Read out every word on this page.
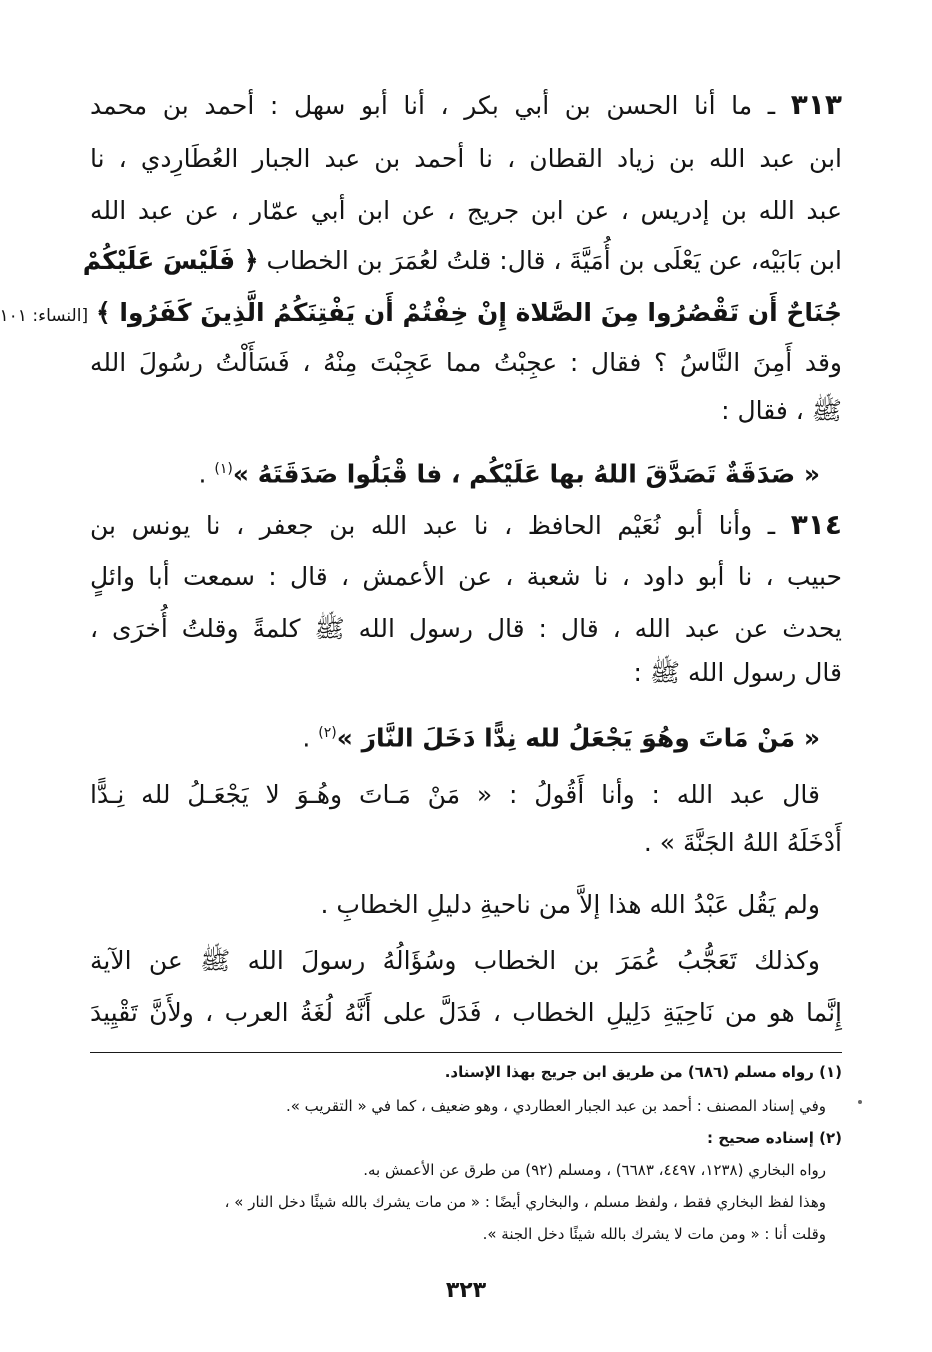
٣١٣ ـ ما أنا الحسن بن أبي بكر ، أنا أبو سهل : أحمد بن محمد
ابن عبد الله بن زياد القطان ، نا أحمد بن عبد الجبار العُطَارِدي ، نا
عبد الله بن إدريس ، عن ابن جريج ، عن ابن أبي عمّار ، عن عبد الله
ابن بَابَيْه، عن يَعْلَى بن أُمَيَّةَ ، قال: قلتُ لعُمَرَ بن الخطاب ﴿ فَلَيْسَ عَلَيْكُمْ
جُنَاحٌ أَن تَقْصُرُوا مِنَ الصَّلاة إِنْ خِفْتُمْ أَن يَفْتِنَكُمُ الَّذِينَ كَفَرُوا ﴾ [النساء: ١٠١
وقد أَمِنَ النَّاسُ ؟ فقال : عجِبْتُ مما عَجِبْتَ مِنْهُ ، فَسَأَلْتُ رسُولَ الله
ﷺ ، فقال :
« صَدَقَةٌ تَصَدَّقَ اللهُ بها عَلَيْكُم ، فا قْبَلُوا صَدَقَتَهُ »$^{(١)}$ .
٣١٤ ـ وأنا أبو نُعَيْم الحافظ ، نا عبد الله بن جعفر ، نا يونس بن
حبيب ، نا أبو داود ، نا شعبة ، عن الأعمش ، قال : سمعت أبا وائلٍ
يحدث عن عبد الله ، قال : قال رسول الله ﷺ كلمةً وقلتُ أُخرَى ،
قال رسول الله ﷺ :
« مَنْ مَاتَ وهُوَ يَجْعَلُ لله نِدًّا دَخَلَ النَّارَ »$^{(٢)}$ .
قال عبد الله : وأنا أَقُولُ : « مَنْ مَـاتَ وهُـوَ لا يَجْعَـلُ لله نِـدًّا
أَدْخَلَهُ اللهُ الجَنَّةَ » .
ولم يَقُل عَبْدُ الله هذا إلاَّ من ناحيةِ دليلِ الخطابِ .
وكذلك تَعَجُّبُ عُمَرَ بن الخطاب وسُؤَالُهُ رسولَ الله ﷺ عن الآية
إِنَّما هو من نَاحِيَةِ دَلِيلِ الخطاب ، فَدَلَّ على أَنَّهُ لُغَةُ العرب ، ولأَنَّ تَقْيِيدَ
(١) رواه مسلم (٦٨٦) من طريق ابن جريج بهذا الإسناد.
وفي إسناد المصنف : أحمد بن عبد الجبار العطاردي ، وهو ضعيف ، كما في « التقريب ».
(٢) إسناده صحيح :
رواه البخاري (١٢٣٨، ٤٤٩٧، ٦٦٨٣) ، ومسلم (٩٢) من طرق عن الأعمش به.
وهذا لفظ البخاري فقط ، ولفظ مسلم ، والبخاري أيضًا : « من مات يشرك بالله شيئًا دخل النار » ،
وقلت أنا : « ومن مات لا يشرك بالله شيئًا دخل الجنة ».
٣٢٣
